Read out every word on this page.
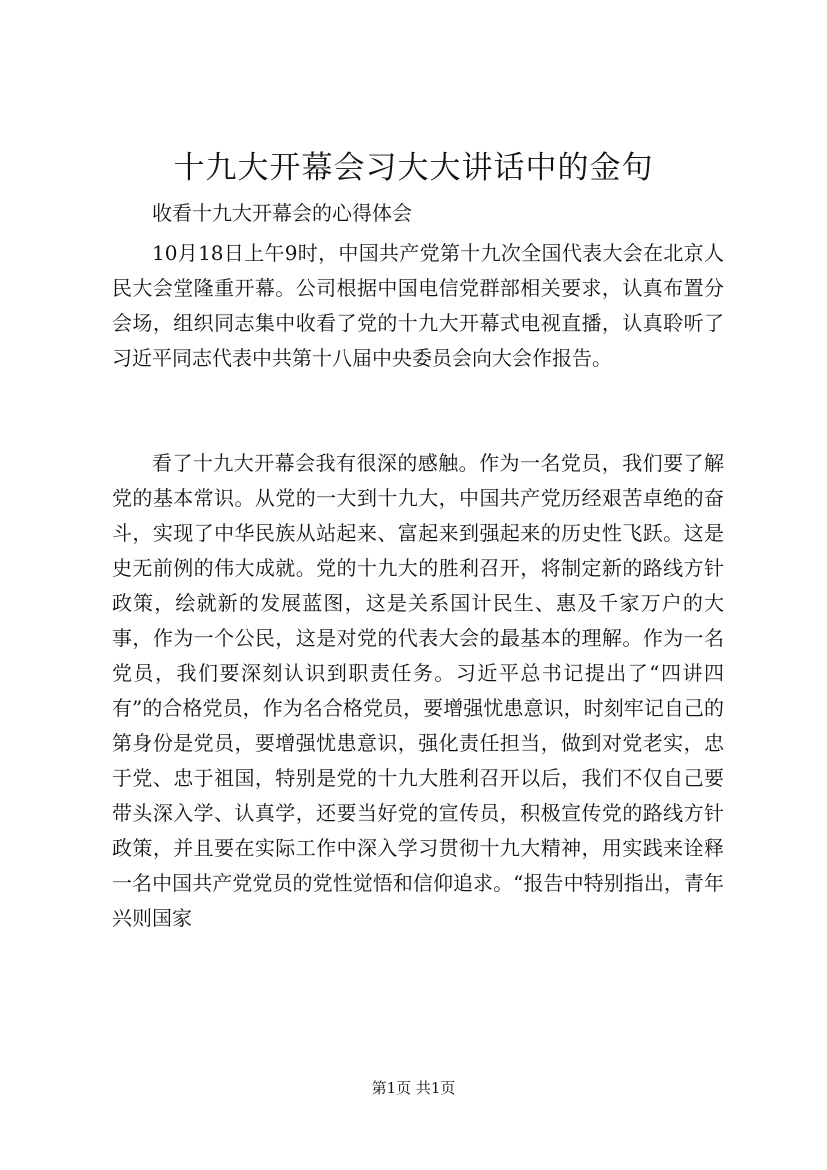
十九大开幕会习大大讲话中的金句

收看十九大开幕会的心得体会

10月18日上午9时，中国共产党第十九次全国代表大会在北京人民大会堂隆重开幕。公司根据中国电信党群部相关要求，认真布置分会场，组织同志集中收看了党的十九大开幕式电视直播，认真聆听了习近平同志代表中共第十八届中央委员会向大会作报告。

看了十九大开幕会我有很深的感触。作为一名党员，我们要了解党的基本常识。从党的一大到十九大，中国共产党历经艰苦卓绝的奋斗，实现了中华民族从站起来、富起来到强起来的历史性飞跃。这是史无前例的伟大成就。党的十九大的胜利召开，将制定新的路线方针政策，绘就新的发展蓝图，这是关系国计民生、惠及千家万户的大事，作为一个公民，这是对党的代表大会的最基本的理解。作为一名党员，我们要深刻认识到职责任务。习近平总书记提出了“四讲四有”的合格党员，作为名合格党员，要增强忧患意识，时刻牢记自己的第身份是党员，要增强忧患意识，强化责任担当，做到对党老实，忠于党、忠于祖国，特别是党的十九大胜利召开以后，我们不仅自己要带头深入学、认真学，还要当好党的宣传员，积极宣传党的路线方针政策，并且要在实际工作中深入学习贯彻十九大精神，用实践来诠释一名中国共产党党员的党性觉悟和信仰追求。“报告中特别指出，青年兴则国家

第1页 共1页
